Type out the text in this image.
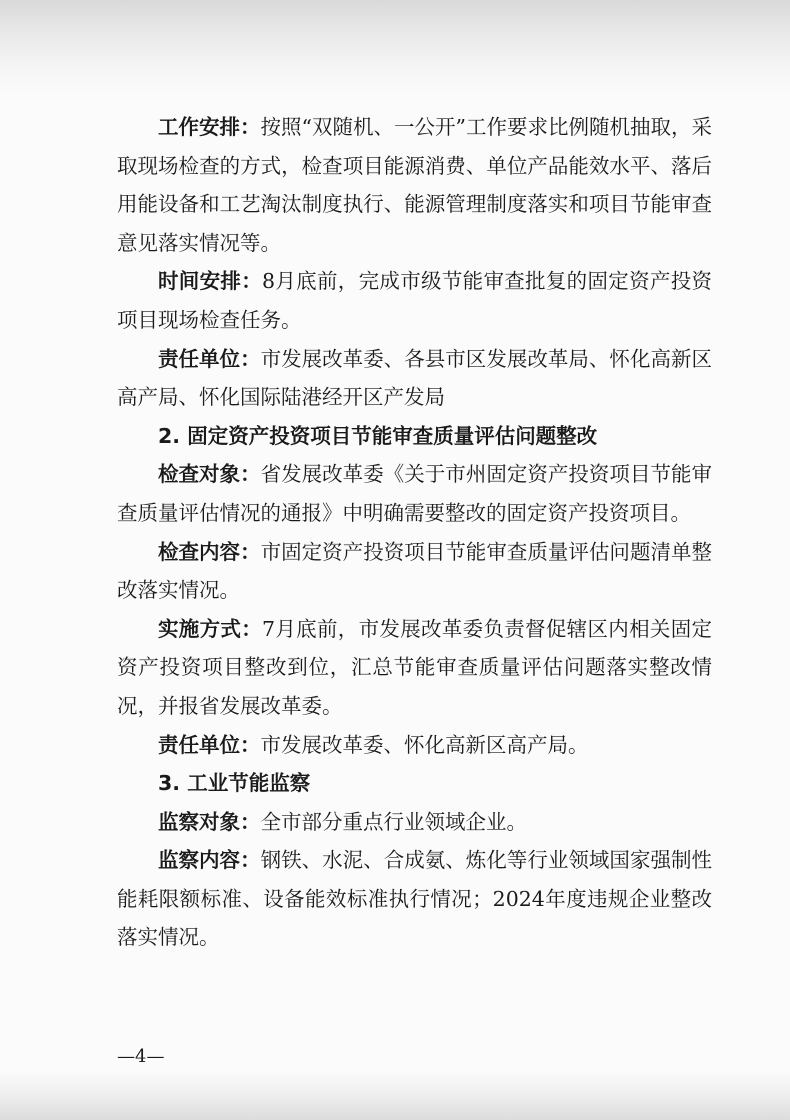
工作安排：按照“双随机、一公开”工作要求比例随机抽取，采取现场检查的方式，检查项目能源消费、单位产品能效水平、落后用能设备和工艺淘汰制度执行、能源管理制度落实和项目节能审查意见落实情况等。

时间安排：8月底前，完成市级节能审查批复的固定资产投资项目现场检查任务。

责任单位：市发展改革委、各县市区发展改革局、怀化高新区高产局、怀化国际陆港经开区产发局

2. 固定资产投资项目节能审查质量评估问题整改

检查对象：省发展改革委《关于市州固定资产投资项目节能审查质量评估情况的通报》中明确需要整改的固定资产投资项目。

检查内容：市固定资产投资项目节能审查质量评估问题清单整改落实情况。

实施方式：7月底前，市发展改革委负责督促辖区内相关固定资产投资项目整改到位，汇总节能审查质量评估问题落实整改情况，并报省发展改革委。

责任单位：市发展改革委、怀化高新区高产局。

3. 工业节能监察

监察对象：全市部分重点行业领域企业。

监察内容：钢铁、水泥、合成氨、炼化等行业领域国家强制性能耗限额标准、设备能效标准执行情况；2024年度违规企业整改落实情况。

—4—
